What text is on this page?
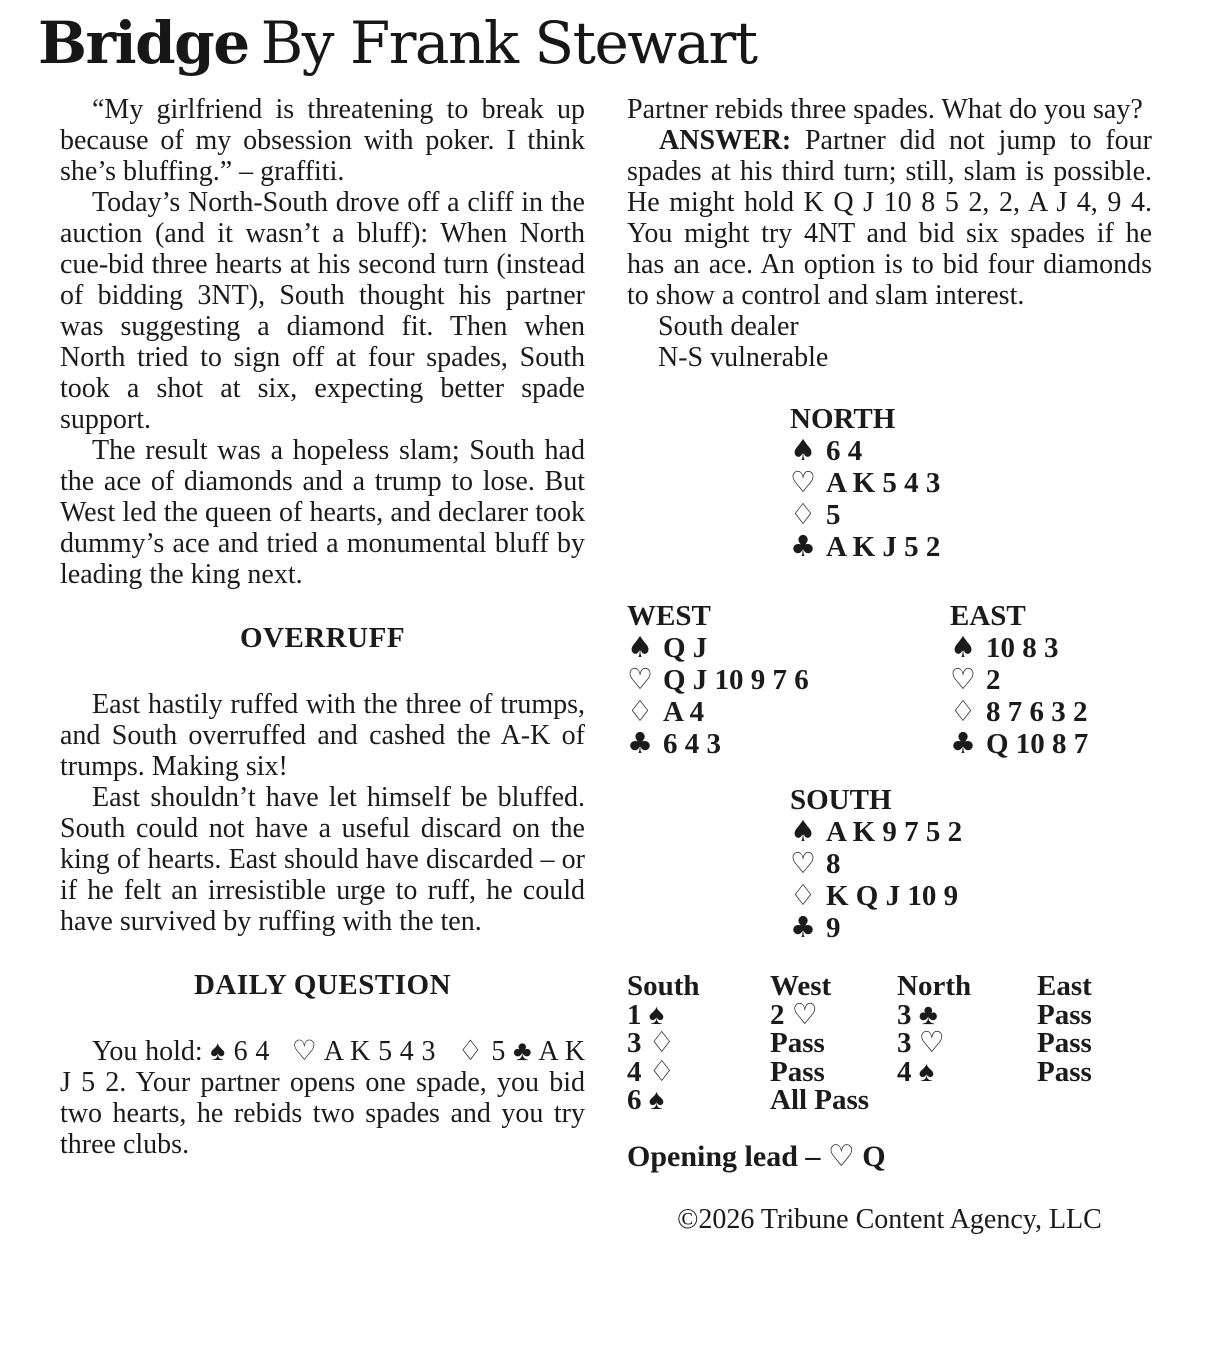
Bridge By Frank Stewart

“My girlfriend is threatening to break up because of my obsession with poker. I think she’s bluffing.” – graffiti.

Today’s North-South drove off a cliff in the auction (and it wasn’t a bluff): When North cue-bid three hearts at his second turn (instead of bidding 3NT), South thought his partner was suggesting a diamond fit. Then when North tried to sign off at four spades, South took a shot at six, expecting better spade support.

The result was a hopeless slam; South had the ace of diamonds and a trump to lose. But West led the queen of hearts, and declarer took dummy’s ace and tried a monumental bluff by leading the king next.

OVERRUFF

East hastily ruffed with the three of trumps, and South overruffed and cashed the A-K of trumps. Making six!

East shouldn’t have let himself be bluffed. South could not have a useful discard on the king of hearts. East should have discarded – or if he felt an irresistible urge to ruff, he could have survived by ruffing with the ten.

DAILY QUESTION

You hold: ♠ 6 4  ♡ A K 5 4 3  ♢ 5 ♣ A K J 5 2. Your partner opens one spade, you bid two hearts, he rebids two spades and you try three clubs.

Partner rebids three spades. What do you say?

ANSWER: Partner did not jump to four spades at his third turn; still, slam is possible. He might hold K Q J 10 8 5 2, 2, A J 4, 9 4. You might try 4NT and bid six spades if he has an ace. An option is to bid four diamonds to show a control and slam interest.

South dealer
N-S vulnerable
NORTH
♠ 6 4
♡ A K 5 4 3
♢ 5
♣ A K J 5 2
WEST
♠ Q J
♡ Q J 10 9 7 6
♢ A 4
♣ 6 4 3
EAST
♠ 10 8 3
♡ 2
♢ 8 7 6 3 2
♣ Q 10 8 7
SOUTH
♠ A K 9 7 5 2
♡ 8
♢ K Q J 10 9
♣ 9
South	West	North	East
1 ♠	2 ♡	3 ♣	Pass
3 ♢	Pass	3 ♡	Pass
4 ♢	Pass	4 ♠	Pass
6 ♠	All Pass
Opening lead – ♡ Q
©2026 Tribune Content Agency, LLC
